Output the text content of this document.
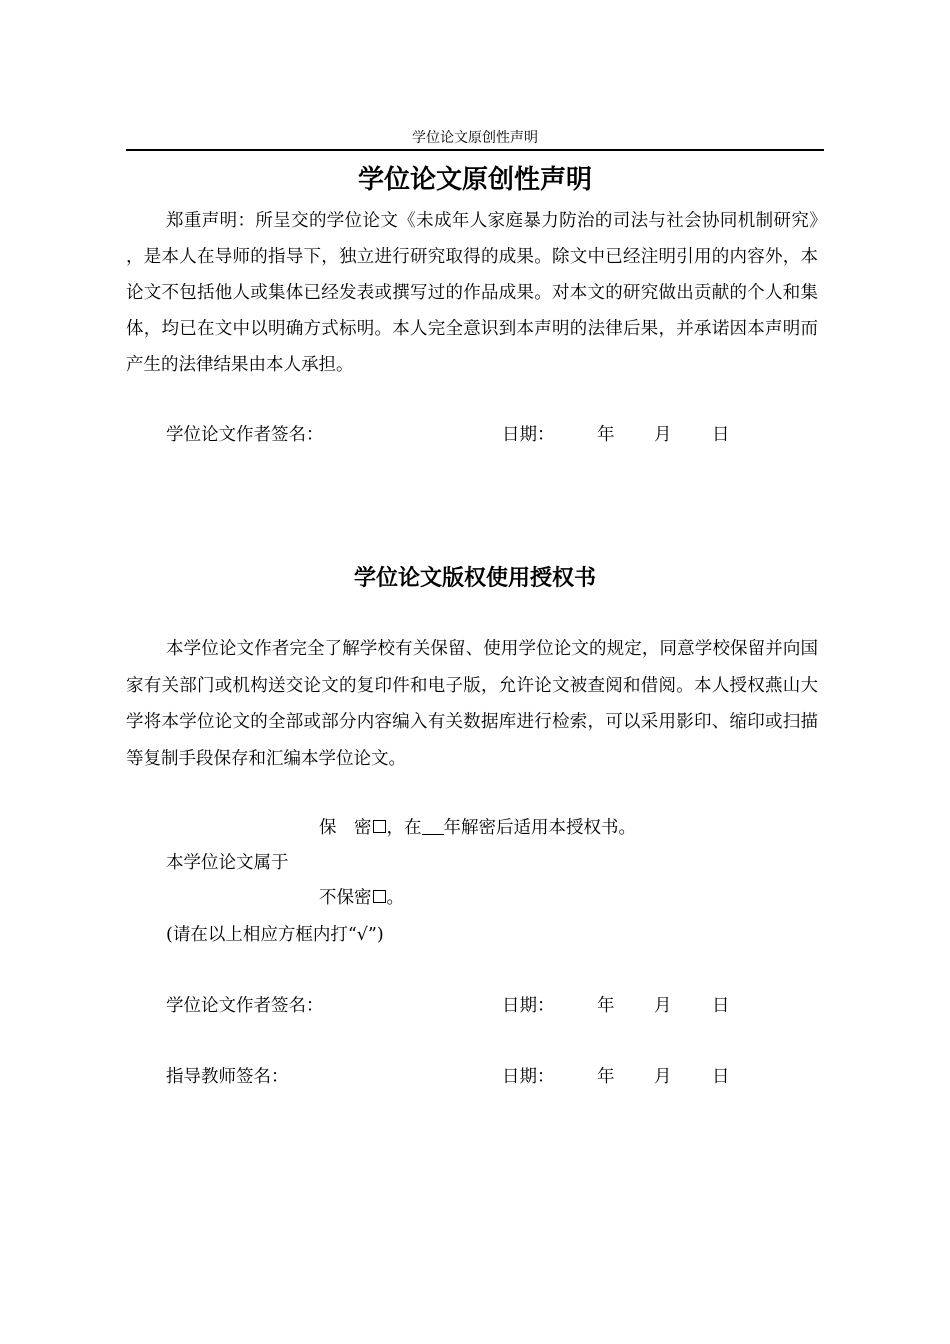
学位论文原创性声明
学位论文原创性声明
郑重声明：所呈交的学位论文《未成年人家庭暴力防治的司法与社会协同机制研究》，是本人在导师的指导下，独立进行研究取得的成果。除文中已经注明引用的内容外，本论文不包括他人或集体已经发表或撰写过的作品成果。对本文的研究做出贡献的个人和集体，均已在文中以明确方式标明。本人完全意识到本声明的法律后果，并承诺因本声明而产生的法律结果由本人承担。
学位论文作者签名：	日期： 年 月 日
学位论文版权使用授权书
本学位论文作者完全了解学校有关保留、使用学位论文的规定，同意学校保留并向国家有关部门或机构送交论文的复印件和电子版，允许论文被查阅和借阅。本人授权燕山大学将本学位论文的全部或部分内容编入有关数据库进行检索，可以采用影印、缩印或扫描等复制手段保存和汇编本学位论文。
保　密 ，在 年解密后适用本授权书。
本学位论文属于
不保密 。
(请在以上相应方框内打“√”)
学位论文作者签名：	日期： 年 月 日
指导教师签名：	日期： 年 月 日
